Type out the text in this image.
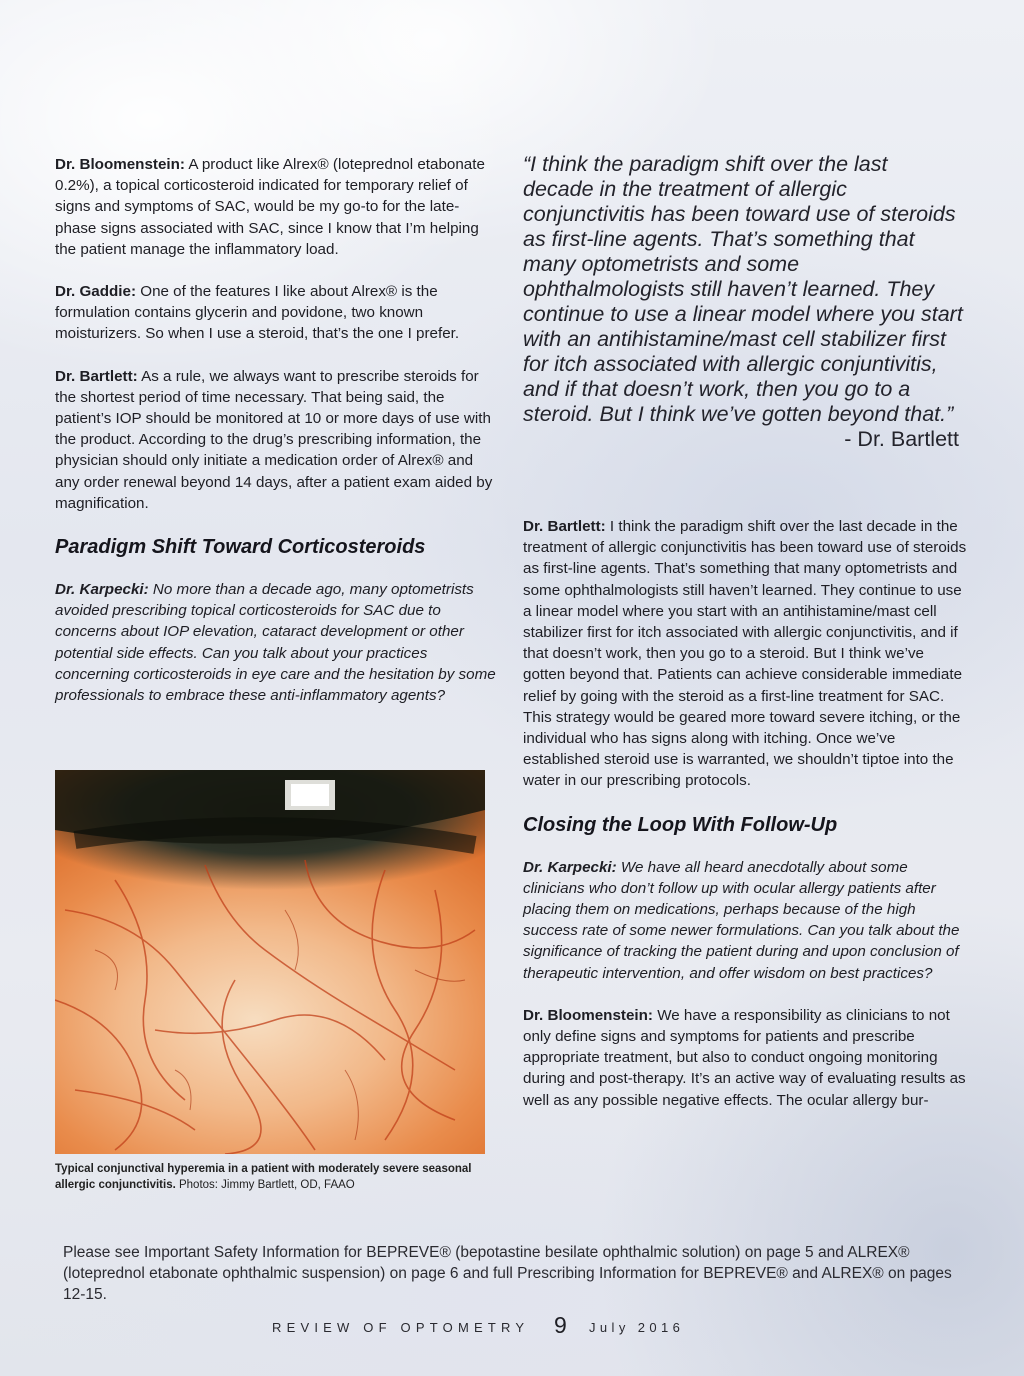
Dr. Bloomenstein: A product like Alrex® (loteprednol etabonate 0.2%), a topical corticosteroid indicated for temporary relief of signs and symptoms of SAC, would be my go-to for the late-phase signs associated with SAC, since I know that I’m helping the patient manage the inflammatory load.

Dr. Gaddie: One of the features I like about Alrex® is the formulation contains glycerin and povidone, two known moisturizers. So when I use a steroid, that’s the one I prefer.

Dr. Bartlett: As a rule, we always want to prescribe steroids for the shortest period of time necessary. That being said, the patient’s IOP should be monitored at 10 or more days of use with the product. According to the drug’s prescribing information, the physician should only initiate a medication order of Alrex® and any order renewal beyond 14 days, after a patient exam aided by magnification.

Paradigm Shift Toward Corticosteroids

Dr. Karpecki: No more than a decade ago, many optometrists avoided prescribing topical corticosteroids for SAC due to concerns about IOP elevation, cataract development or other potential side effects. Can you talk about your practices concerning corticosteroids in eye care and the hesitation by some professionals to embrace these anti-inflammatory agents?

Typical conjunctival hyperemia in a patient with moderately severe seasonal allergic conjunctivitis. Photos: Jimmy Bartlett, OD, FAAO
“I think the paradigm shift over the last decade in the treatment of allergic conjunctivitis has been toward use of steroids as first-line agents. That’s something that many optometrists and some ophthalmologists still haven’t learned. They continue to use a linear model where you start with an antihistamine/mast cell stabilizer first for itch associated with allergic conjuntivitis, and if that doesn’t work, then you go to a steroid. But I think we’ve gotten beyond that.”
- Dr. Bartlett

Dr. Bartlett: I think the paradigm shift over the last decade in the treatment of allergic conjunctivitis has been toward use of steroids as first-line agents. That’s something that many optometrists and some ophthalmologists still haven’t learned. They continue to use a linear model where you start with an antihistamine/mast cell stabilizer first for itch associated with allergic conjunctivitis, and if that doesn’t work, then you go to a steroid. But I think we’ve gotten beyond that. Patients can achieve considerable immediate relief by going with the steroid as a first-line treatment for SAC. This strategy would be geared more toward severe itching, or the individual who has signs along with itching. Once we’ve established steroid use is warranted, we shouldn’t tiptoe into the water in our prescribing protocols.

Closing the Loop With Follow-Up

Dr. Karpecki: We have all heard anecdotally about some clinicians who don’t follow up with ocular allergy patients after placing them on medications, perhaps because of the high success rate of some newer formulations. Can you talk about the significance of tracking the patient during and upon conclusion of therapeutic intervention, and offer wisdom on best practices?

Dr. Bloomenstein: We have a responsibility as clinicians to not only define signs and symptoms for patients and prescribe appropriate treatment, but also to conduct ongoing monitoring during and post-therapy. It’s an active way of evaluating results as well as any possible negative effects. The ocular allergy bur-

Please see Important Safety Information for BEPREVE® (bepotastine besilate ophthalmic solution) on page 5 and ALREX® (loteprednol etabonate ophthalmic suspension) on page 6 and full Prescribing Information for BEPREVE® and ALREX® on pages 12-15.
REVIEW OF OPTOMETRY 9 July 2016
